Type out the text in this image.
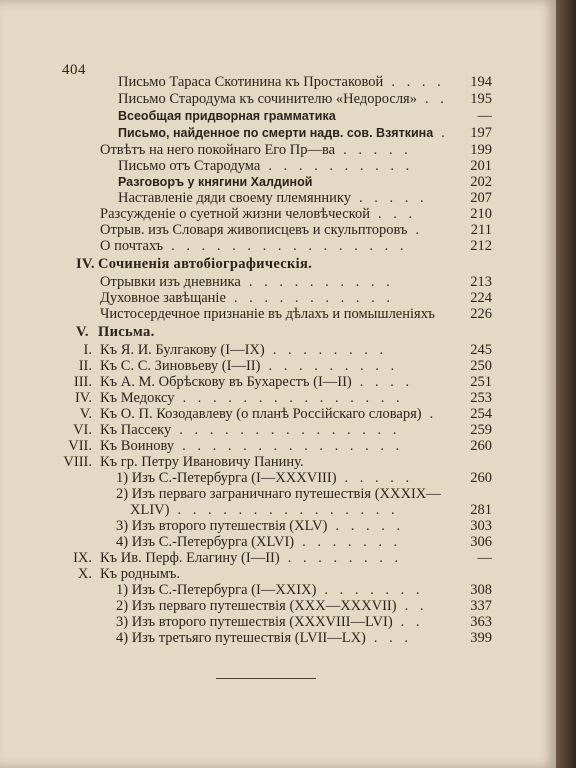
404
Письмо Тараса Скотинина къ Простаковой . . . .	194
Письмо Стародума къ сочинителю «Недоросля» . .	195
Всеобщая придворная грамматика	—
Письмо, найденное по смерти надв. сов. Взяткина .	197
Отвѣтъ на него покойнаго Его Пр—ва . . . . .	199
Письмо отъ Стародума . . . . . . . . . .	201
Разговоръ у княгини Халдиной	202
Наставленіе дяди своему племяннику . . . . .	207
Разсужденіе о суетной жизни человѣческой . . .	210
Отрыв. изъ Словаря живописцевъ и скульпторовъ .	211
О почтахъ . . . . . . . . . . . . . . . .	212
IV. Сочиненія автобіографическія.
Отрывки изъ дневника . . . . . . . . . .	213
Духовное завѣщаніе . . . . . . . . . . .	224
Чистосердечное признаніе въ дѣлахъ и помышленіяхъ	226
V. Письма.
I. Къ Я. И. Булгакову (I—IX) . . . . . . . .	245
II. Къ С. С. Зиновьеву (I—II) . . . . . . . . .	250
III. Къ А. М. Обрѣскову въ Бухарестъ (I—II) . . . .	251
IV. Къ Медоксу . . . . . . . . . . . . . . .	253
V. Къ О. П. Козодавлеву (о планѣ Россійскаго словаря) .	254
VI. Къ Пассеку . . . . . . . . . . . . . . .	259
VII. Къ Воинову . . . . . . . . . . . . . . .	260
VIII. Къ гр. Петру Ивановичу Панину.
1) Изъ С.-Петербурга (I—XXXVIII) . . . . .	260
2) Изъ перваго заграничнаго путешествія (XXXIX—
XLIV) . . . . . . . . . . . . . . .	281
3) Изъ второго путешествія (XLV) . . . . .	303
4) Изъ С.-Петербурга (XLVI) . . . . . . .	306
IX. Къ Ив. Перф. Елагину (I—II) . . . . . . . .	—
X. Къ роднымъ.
1) Изъ С.-Петербурга (I—XXIX) . . . . . . .	308
2) Изъ перваго путешествія (XXX—XXXVII) . .	337
3) Изъ второго путешествія (XXXVIII—LVI) . .	363
4) Изъ третьяго путешествія (LVII—LX) . . .	399
